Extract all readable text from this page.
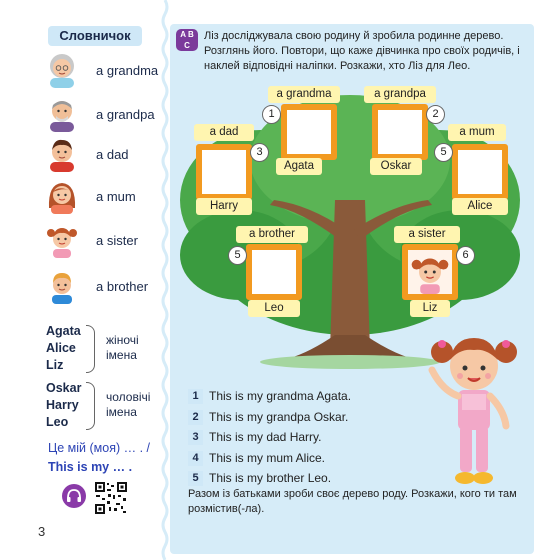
Словничок
a grandma
a grandpa
a dad
a mum
a sister
a brother
Agata
Alice
Liz
жіночі
імена
Oskar
Harry
Leo
чоловічі
імена
Це мій (моя) … . /
This is my … .
3
A B
C
Ліз досліджувала свою родину й зробила родинне дерево. Розглянь його. Повтори, що каже дівчинка про своїх родичів, і наклей відповідні наліпки. Розкажи, хто Ліз для Лео.
a grandma
1
Agata
a grandpa
2
Oskar
a dad
3
Harry
a mum
5
Alice
a brother
5
Leo
a sister
6
Liz
1 This is my grandma Agata.
2 This is my grandpa Oskar.
3 This is my dad Harry.
4 This is my mum Alice.
5 This is my brother Leo.
Разом із батьками зроби своє дерево роду. Розкажи, кого ти там розмістив(-ла).
